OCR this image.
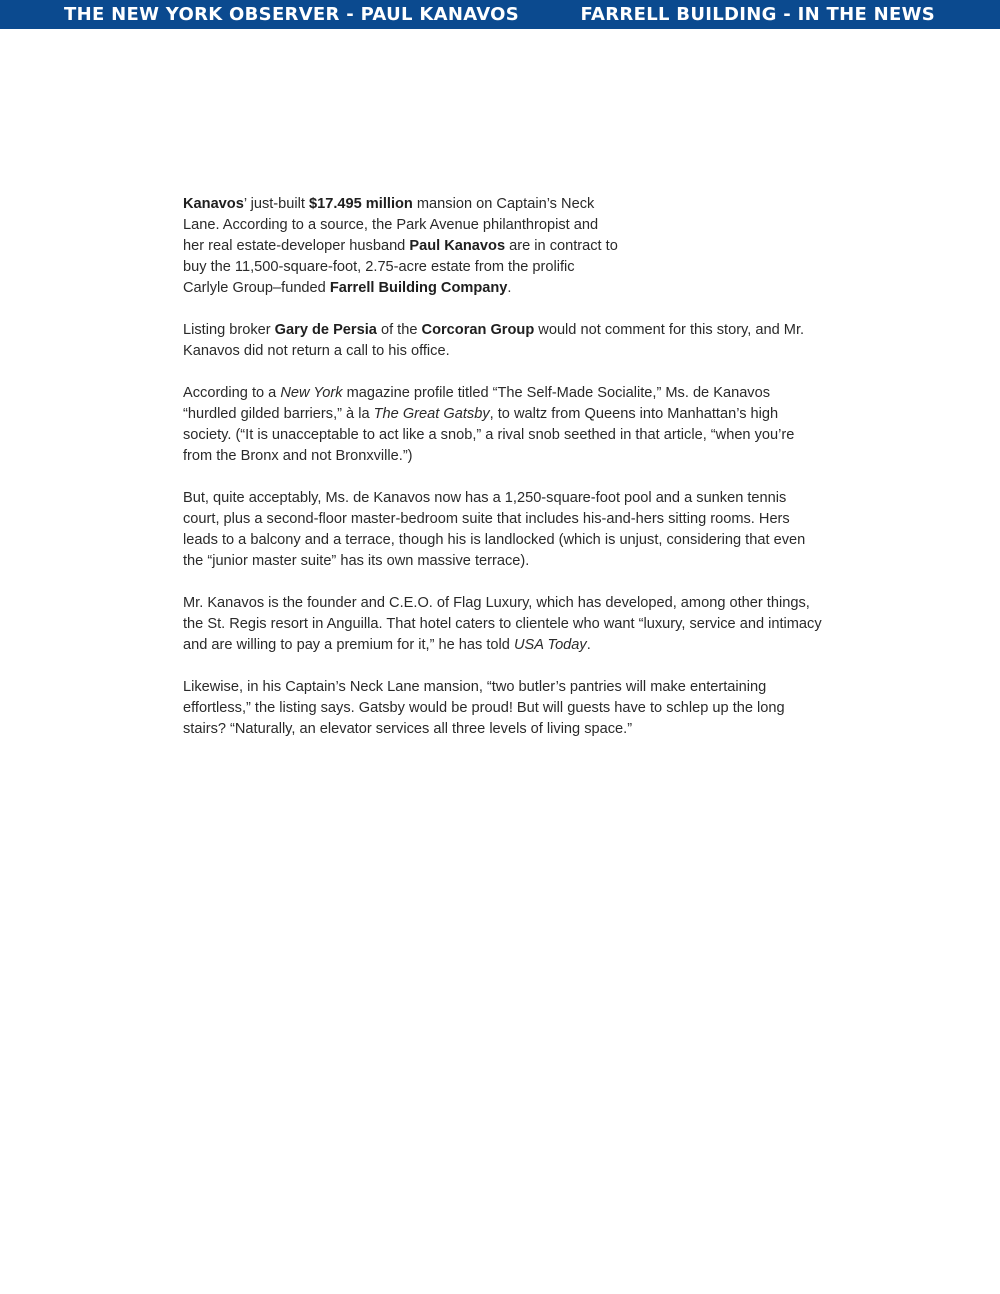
THE NEW YORK OBSERVER - PAUL KANAVOS	FARRELL BUILDING - IN THE NEWS

Kanavos’ just-built $17.495 million mansion on Captain’s Neck Lane. According to a source, the Park Avenue philanthropist and her real estate-developer husband Paul Kanavos are in contract to buy the 11,500-square-foot, 2.75-acre estate from the prolific Carlyle Group–funded Farrell Building Company.

Listing broker Gary de Persia of the Corcoran Group would not comment for this story, and Mr. Kanavos did not return a call to his office.

According to a New York magazine profile titled “The Self-Made Socialite,” Ms. de Kanavos “hurdled gilded barriers,” à la The Great Gatsby, to waltz from Queens into Manhattan’s high society. (“It is unacceptable to act like a snob,” a rival snob seethed in that article, “when you’re from the Bronx and not Bronxville.”)

But, quite acceptably, Ms. de Kanavos now has a 1,250-square-foot pool and a sunken tennis court, plus a second-floor master-bedroom suite that includes his-and-hers sitting rooms. Hers leads to a balcony and a terrace, though his is landlocked (which is unjust, considering that even the “junior master suite” has its own massive terrace).

Mr. Kanavos is the founder and C.E.O. of Flag Luxury, which has developed, among other things, the St. Regis resort in Anguilla. That hotel caters to clientele who want “luxury, service and intimacy and are willing to pay a premium for it,” he has told USA Today.

Likewise, in his Captain’s Neck Lane mansion, “two butler’s pantries will make entertaining effortless,” the listing says. Gatsby would be proud! But will guests have to schlep up the long stairs? “Naturally, an elevator services all three levels of living space.”
